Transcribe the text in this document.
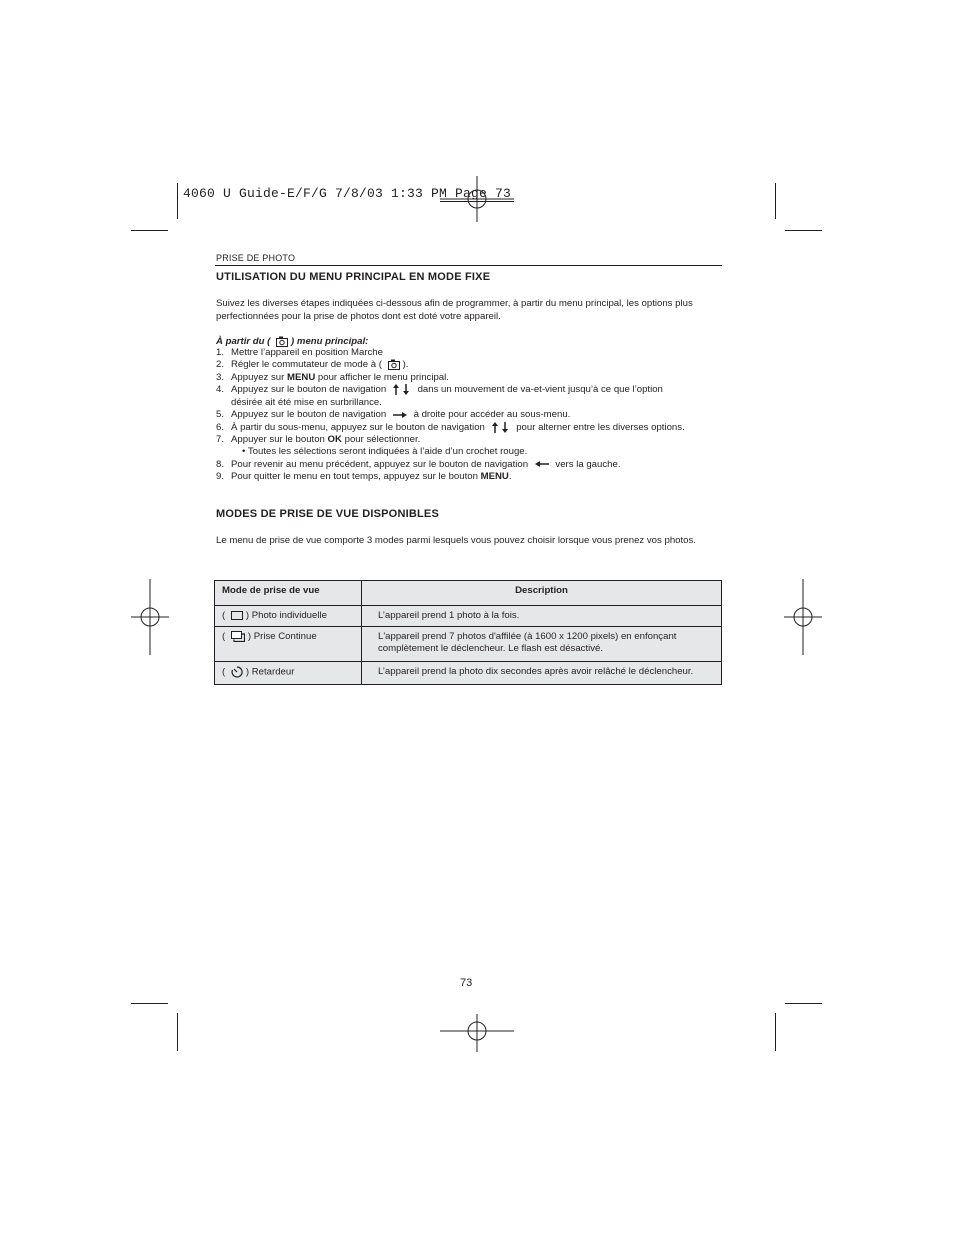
4060 U Guide-E/F/G 7/8/03 1:33 PM Page 73
PRISE DE PHOTO
UTILISATION DU MENU PRINCIPAL EN MODE FIXE
Suivez les diverses étapes indiquées ci-dessous afin de programmer, à partir du menu principal, les options plus perfectionnées pour la prise de photos dont est doté votre appareil.
À partir du ( ) menu principal:
1. Mettre l’appareil en position Marche
2. Régler le commutateur de mode à ( ).
3. Appuyez sur MENU pour afficher le menu principal.
4. Appuyez sur le bouton de navigation	dans un mouvement de va-et-vient jusqu’à ce que l’option
désirée ait été mise en surbrillance.
5. Appuyez sur le bouton de navigation	à droite pour accéder au sous-menu.
6. À partir du sous-menu, appuyez sur le bouton de navigation	pour alterner entre les diverses options.
7. Appuyer sur le bouton OK pour sélectionner.
• Toutes les sélections seront indiquées à l’aide d’un crochet rouge.
8. Pour revenir au menu précédent, appuyez sur le bouton de navigation	vers la gauche.
9. Pour quitter le menu en tout temps, appuyez sur le bouton MENU.
MODES DE PRISE DE VUE DISPONIBLES
Le menu de prise de vue comporte 3 modes parmi lesquels vous pouvez choisir lorsque vous prenez vos photos.
Mode de prise de vue	Description
( ) Photo individuelle	L’appareil prend 1 photo à la fois.
( ) Prise Continue	L'appareil prend 7 photos d'affilée (à 1600 x 1200 pixels) en enfonçant complètement le déclencheur. Le flash est désactivé.
( ) Retardeur	L’appareil prend la photo dix secondes après avoir relâché le déclencheur.
73
